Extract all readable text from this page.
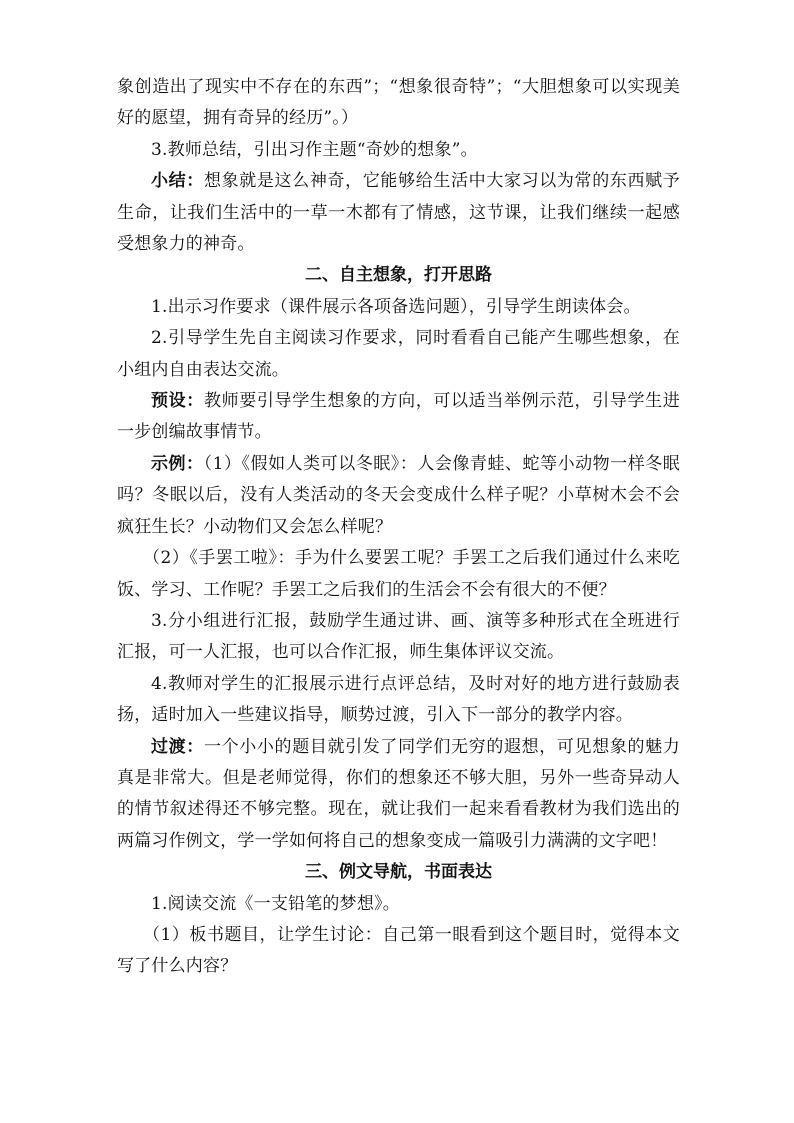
象创造出了现实中不存在的东西”；“想象很奇特”；“大胆想象可以实现美好的愿望，拥有奇异的经历”。）

3.教师总结，引出习作主题“奇妙的想象”。

小结：想象就是这么神奇，它能够给生活中大家习以为常的东西赋予生命，让我们生活中的一草一木都有了情感，这节课，让我们继续一起感受想象力的神奇。

二、自主想象，打开思路

1.出示习作要求（课件展示各项备选问题），引导学生朗读体会。

2.引导学生先自主阅读习作要求，同时看看自己能产生哪些想象，在小组内自由表达交流。

预设：教师要引导学生想象的方向，可以适当举例示范，引导学生进一步创编故事情节。

示例：（1）《假如人类可以冬眠》：人会像青蛙、蛇等小动物一样冬眠吗？冬眠以后，没有人类活动的冬天会变成什么样子呢？小草树木会不会疯狂生长？小动物们又会怎么样呢？

（2）《手罢工啦》：手为什么要罢工呢？手罢工之后我们通过什么来吃饭、学习、工作呢？手罢工之后我们的生活会不会有很大的不便？

3.分小组进行汇报，鼓励学生通过讲、画、演等多种形式在全班进行汇报，可一人汇报，也可以合作汇报，师生集体评议交流。

4.教师对学生的汇报展示进行点评总结，及时对好的地方进行鼓励表扬，适时加入一些建议指导，顺势过渡，引入下一部分的教学内容。

过渡：一个小小的题目就引发了同学们无穷的遐想，可见想象的魅力真是非常大。但是老师觉得，你们的想象还不够大胆，另外一些奇异动人的情节叙述得还不够完整。现在，就让我们一起来看看教材为我们选出的两篇习作例文，学一学如何将自己的想象变成一篇吸引力满满的文字吧！

三、例文导航，书面表达

1.阅读交流《一支铅笔的梦想》。

（1）板书题目，让学生讨论：自己第一眼看到这个题目时，觉得本文写了什么内容？
